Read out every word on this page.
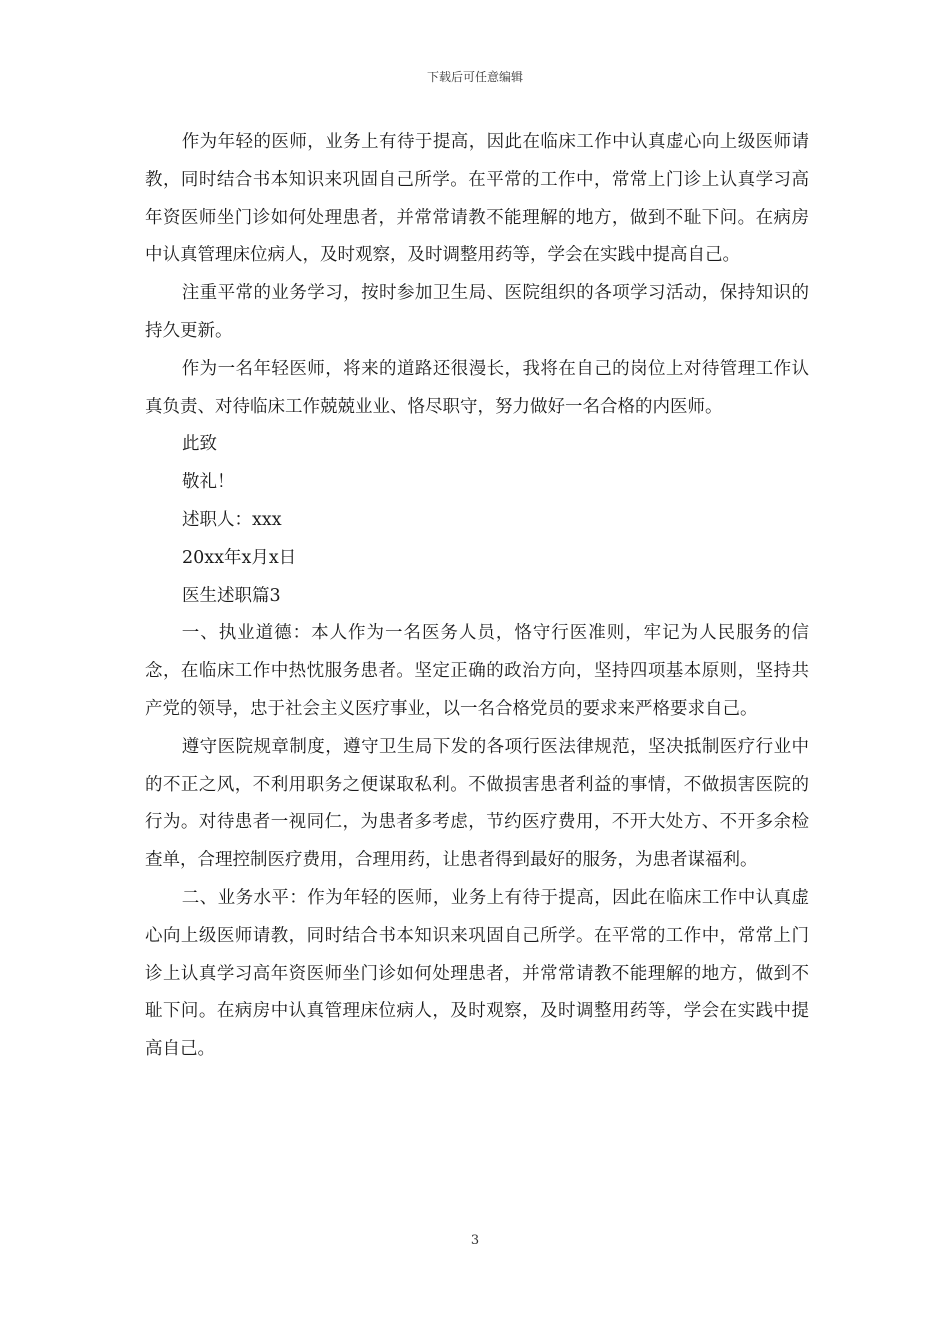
下载后可任意编辑

作为年轻的医师，业务上有待于提高，因此在临床工作中认真虚心向上级医师请教，同时结合书本知识来巩固自己所学。在平常的工作中，常常上门诊上认真学习高年资医师坐门诊如何处理患者，并常常请教不能理解的地方，做到不耻下问。在病房中认真管理床位病人，及时观察，及时调整用药等，学会在实践中提高自己。

注重平常的业务学习，按时参加卫生局、医院组织的各项学习活动，保持知识的持久更新。

作为一名年轻医师，将来的道路还很漫长，我将在自己的岗位上对待管理工作认真负责、对待临床工作兢兢业业、恪尽职守，努力做好一名合格的内医师。

此致

敬礼！

述职人：xxx

20xx年x月x日

医生述职篇3

一、执业道德：本人作为一名医务人员，恪守行医准则，牢记为人民服务的信念，在临床工作中热忱服务患者。坚定正确的政治方向，坚持四项基本原则，坚持共产党的领导，忠于社会主义医疗事业，以一名合格党员的要求来严格要求自己。

遵守医院规章制度，遵守卫生局下发的各项行医法律规范，坚决抵制医疗行业中的不正之风，不利用职务之便谋取私利。不做损害患者利益的事情，不做损害医院的行为。对待患者一视同仁，为患者多考虑，节约医疗费用，不开大处方、不开多余检查单，合理控制医疗费用，合理用药，让患者得到最好的服务，为患者谋福利。

二、业务水平：作为年轻的医师，业务上有待于提高，因此在临床工作中认真虚心向上级医师请教，同时结合书本知识来巩固自己所学。在平常的工作中，常常上门诊上认真学习高年资医师坐门诊如何处理患者，并常常请教不能理解的地方，做到不耻下问。在病房中认真管理床位病人，及时观察，及时调整用药等，学会在实践中提高自己。

3
